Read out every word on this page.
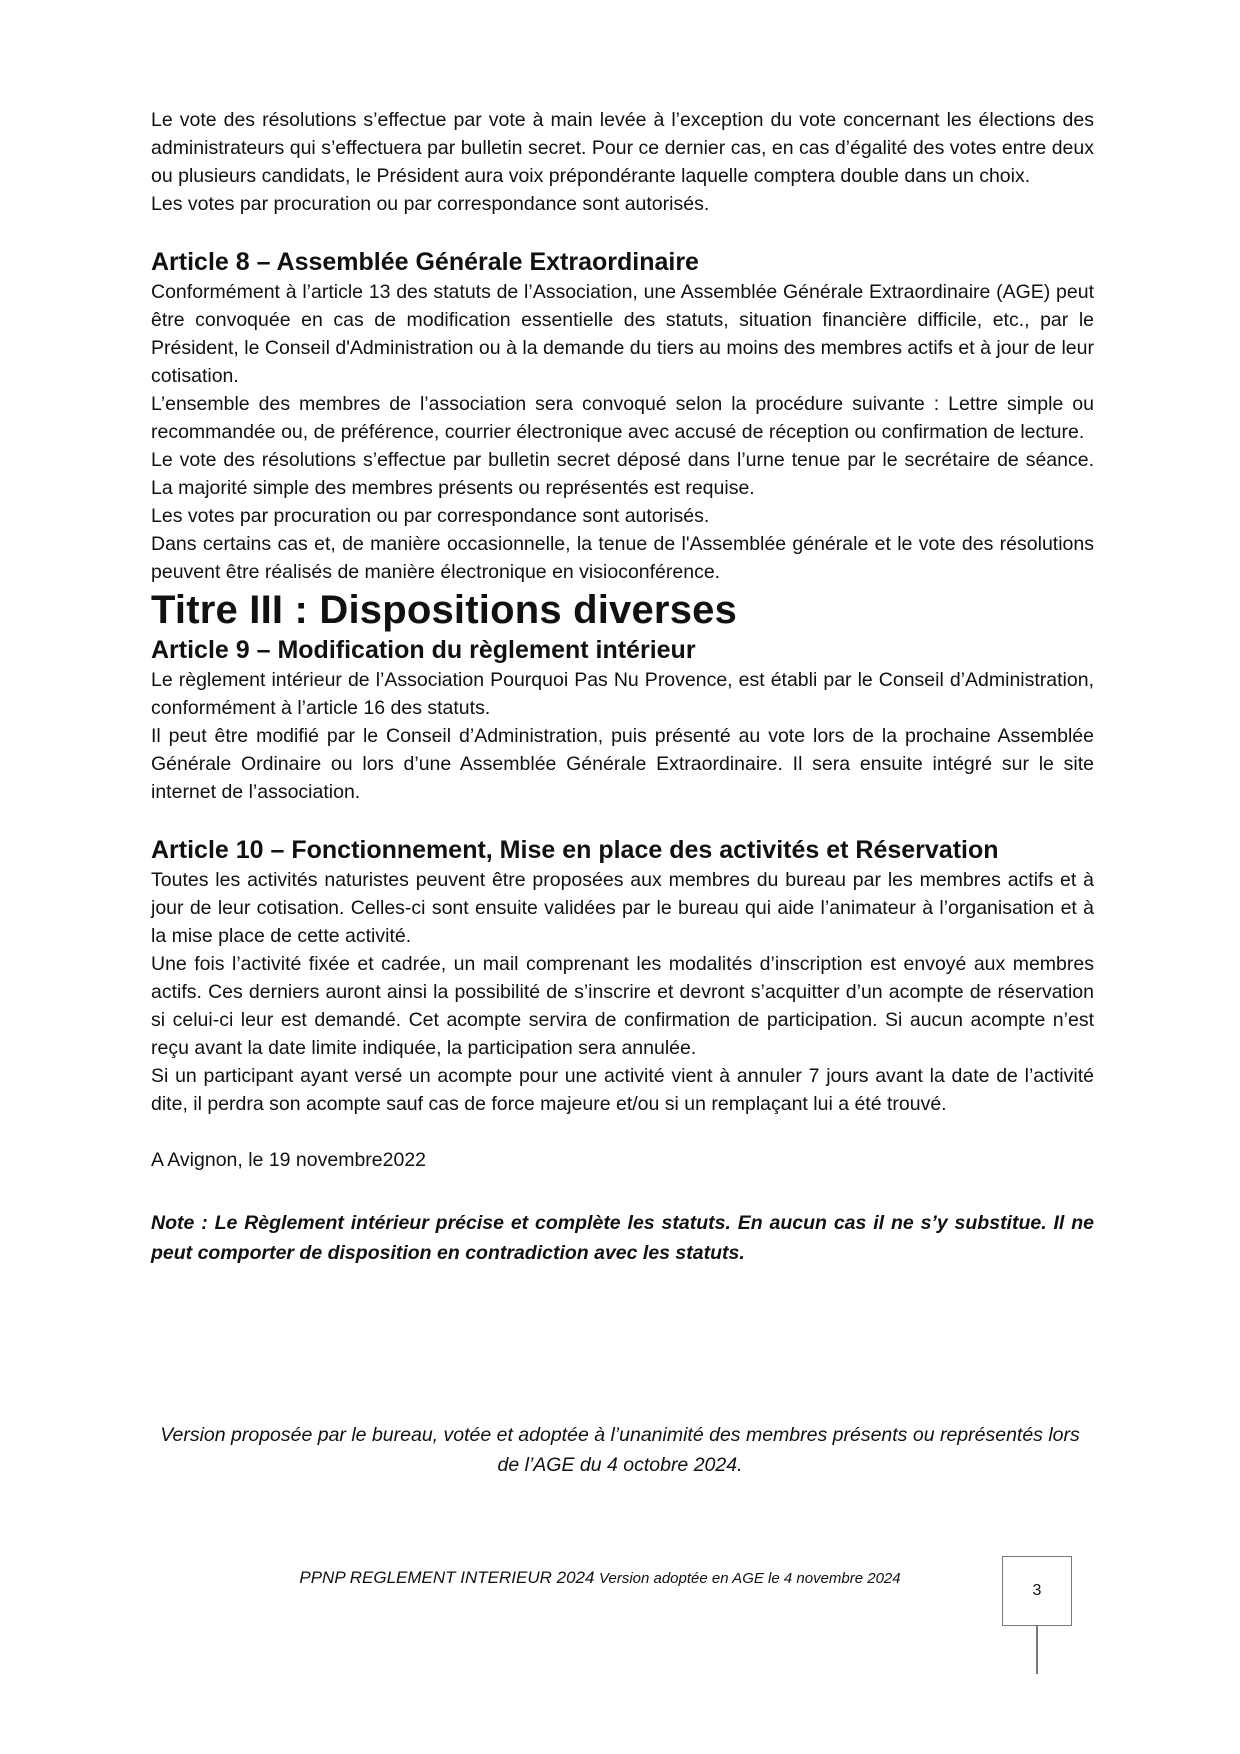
Le vote des résolutions s’effectue par vote à main levée à l’exception du vote concernant les élections des administrateurs qui s’effectuera par bulletin secret. Pour ce dernier cas, en cas d’égalité des votes entre deux ou plusieurs candidats, le Président aura voix prépondérante laquelle comptera double dans un choix.

Les votes par procuration ou par correspondance sont autorisés.

Article 8 – Assemblée Générale Extraordinaire

Conformément à l’article 13 des statuts de l’Association, une Assemblée Générale Extraordinaire (AGE) peut être convoquée en cas de modification essentielle des statuts, situation financière difficile, etc., par le Président, le Conseil d'Administration ou à la demande du tiers au moins des membres actifs et à jour de leur cotisation.

L’ensemble des membres de l’association sera convoqué selon la procédure suivante : Lettre simple ou recommandée ou, de préférence, courrier électronique avec accusé de réception ou confirmation de lecture.

Le vote des résolutions s’effectue par bulletin secret déposé dans l’urne tenue par le secrétaire de séance. La majorité simple des membres présents ou représentés est requise.

Les votes par procuration ou par correspondance sont autorisés.

Dans certains cas et, de manière occasionnelle, la tenue de l'Assemblée générale et le vote des résolutions peuvent être réalisés de manière électronique en visioconférence.

Titre III : Dispositions diverses
Article 9 – Modification du règlement intérieur

Le règlement intérieur de l’Association Pourquoi Pas Nu Provence, est établi par le Conseil d’Administration, conformément à l’article 16 des statuts.

Il peut être modifié par le Conseil d’Administration, puis présenté au vote lors de la prochaine Assemblée Générale Ordinaire ou lors d’une Assemblée Générale Extraordinaire. Il sera ensuite intégré sur le site internet de l’association.

Article 10 – Fonctionnement, Mise en place des activités et Réservation

Toutes les activités naturistes peuvent être proposées aux membres du bureau par les membres actifs et à jour de leur cotisation. Celles-ci sont ensuite validées par le bureau qui aide l’animateur à l’organisation et à la mise place de cette activité.

Une fois l’activité fixée et cadrée, un mail comprenant les modalités d’inscription est envoyé aux membres actifs. Ces derniers auront ainsi la possibilité de s’inscrire et devront s’acquitter d’un acompte de réservation si celui-ci leur est demandé. Cet acompte servira de confirmation de participation. Si aucun acompte n’est reçu avant la date limite indiquée, la participation sera annulée.

Si un participant ayant versé un acompte pour une activité vient à annuler 7 jours avant la date de l’activité dite, il perdra son acompte sauf cas de force majeure et/ou si un remplaçant lui a été trouvé.

A Avignon, le 19 novembre2022

Note : Le Règlement intérieur précise et complète les statuts. En aucun cas il ne s’y substitue. Il ne peut comporter de disposition en contradiction avec les statuts.

Version proposée par le bureau, votée et adoptée à l’unanimité des membres présents ou représentés lors
de l’AGE du 4 octobre 2024.
PPNP REGLEMENT INTERIEUR 2024 Version adoptée en AGE le 4 novembre 2024
3
